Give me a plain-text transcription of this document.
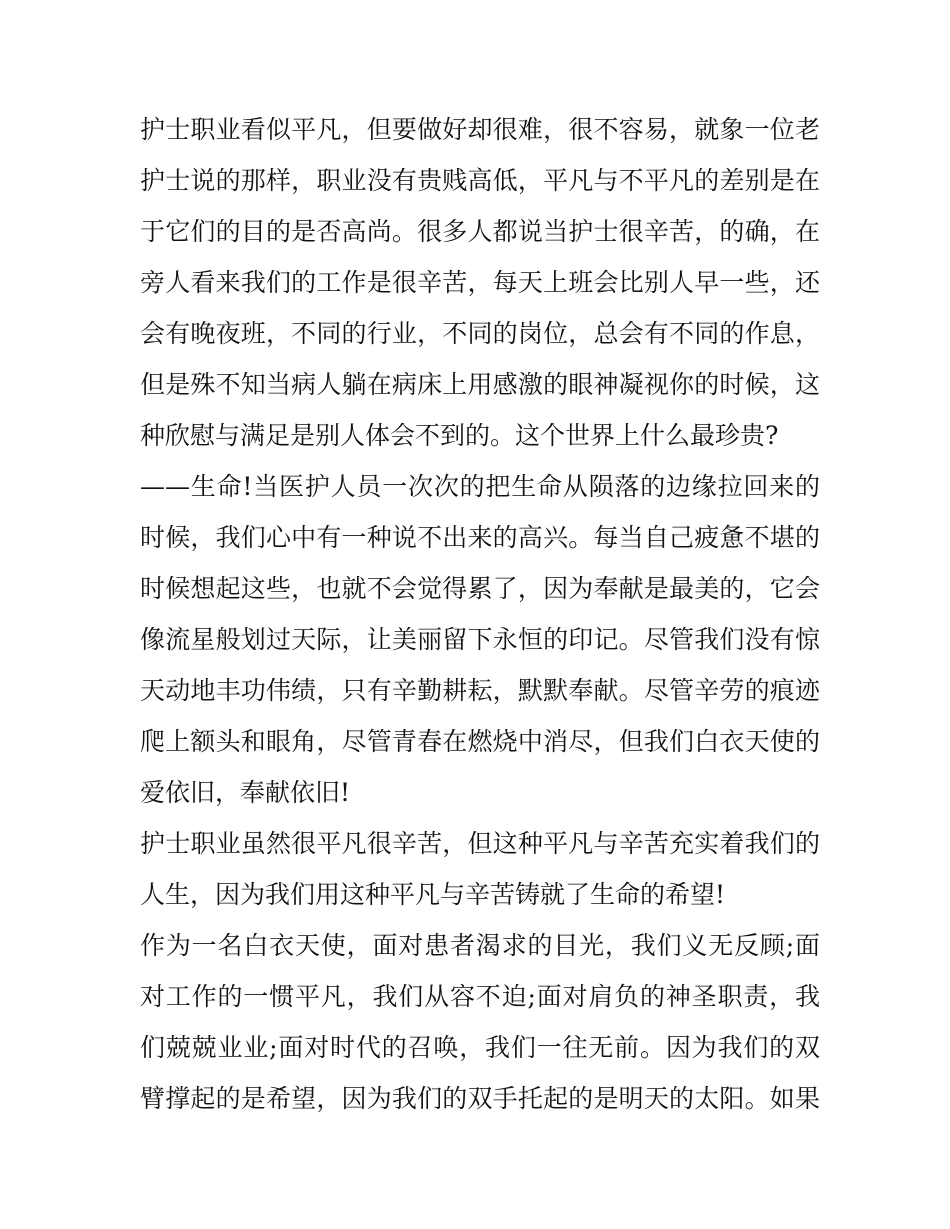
护士职业看似平凡，但要做好却很难，很不容易，就象一位老
护士说的那样，职业没有贵贱高低，平凡与不平凡的差别是在
于它们的目的是否高尚。很多人都说当护士很辛苦，的确，在
旁人看来我们的工作是很辛苦，每天上班会比别人早一些，还
会有晚夜班，不同的行业，不同的岗位，总会有不同的作息，
但是殊不知当病人躺在病床上用感激的眼神凝视你的时候，这
种欣慰与满足是别人体会不到的。这个世界上什么最珍贵?
——生命!当医护人员一次次的把生命从陨落的边缘拉回来的
时候，我们心中有一种说不出来的高兴。每当自己疲惫不堪的
时候想起这些，也就不会觉得累了，因为奉献是最美的，它会
像流星般划过天际，让美丽留下永恒的印记。尽管我们没有惊
天动地丰功伟绩，只有辛勤耕耘，默默奉献。尽管辛劳的痕迹
爬上额头和眼角，尽管青春在燃烧中消尽，但我们白衣天使的
爱依旧，奉献依旧!
护士职业虽然很平凡很辛苦，但这种平凡与辛苦充实着我们的
人生，因为我们用这种平凡与辛苦铸就了生命的希望!
作为一名白衣天使，面对患者渴求的目光，我们义无反顾;面
对工作的一惯平凡，我们从容不迫;面对肩负的神圣职责，我
们兢兢业业;面对时代的召唤，我们一往无前。因为我们的双
臂撑起的是希望，因为我们的双手托起的是明天的太阳。如果
